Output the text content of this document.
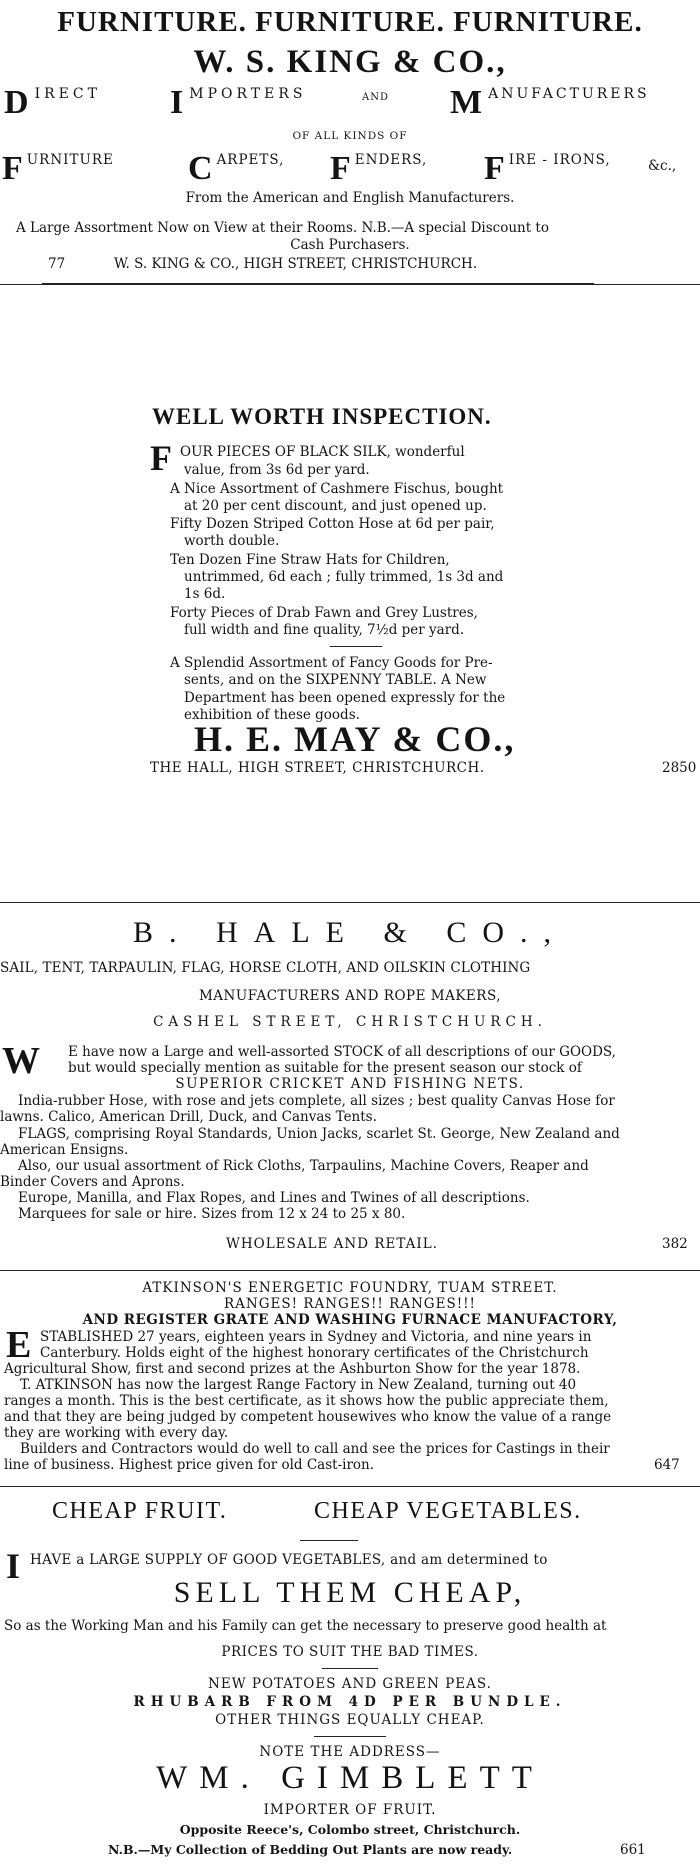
FURNITURE. FURNITURE. FURNITURE.
W. S. KING & CO.,
DIRECT IMPORTERS	AND MANUFACTURERS
OF ALL KINDS OF
F $^{URNITURE}$ C $^{ARPETS,}$ F $^{ENDERS,}$ F $^{IRE - IRONS,}$	&c.,
From the American and English Manufacturers.
A Large Assortment Now on View at their Rooms. N.B.—A special Discount to
Cash Purchasers.
77	W. S. KING & CO., HIGH STREET, CHRISTCHURCH.
WELL WORTH INSPECTION.
F OUR PIECES OF BLACK SILK, wonderful
value, from 3s 6d per yard.
A Nice Assortment of Cashmere Fischus, bought
at 20 per cent discount, and just opened up.
Fifty Dozen Striped Cotton Hose at 6d per pair,
worth double.
Ten Dozen Fine Straw Hats for Children,
untrimmed, 6d each ; fully trimmed, 1s 3d and
1s 6d.
Forty Pieces of Drab Fawn and Grey Lustres,
full width and fine quality, 7½d per yard.
A Splendid Assortment of Fancy Goods for Pre-
sents, and on the SIXPENNY TABLE. A New
Department has been opened expressly for the
exhibition of these goods.
H. E. MAY & CO.,
THE HALL, HIGH STREET, CHRISTCHURCH.	2850
B. HALE & CO.,
SAIL, TENT, TARPAULIN, FLAG, HORSE CLOTH, AND OILSKIN CLOTHING
MANUFACTURERS AND ROPE MAKERS,
CASHEL STREET, CHRISTCHURCH.
W E have now a Large and well-assorted STOCK of all descriptions of our GOODS,
but would specially mention as suitable for the present season our stock of
SUPERIOR CRICKET AND FISHING NETS.
India-rubber Hose, with rose and jets complete, all sizes ; best quality Canvas Hose for
lawns. Calico, American Drill, Duck, and Canvas Tents.
FLAGS, comprising Royal Standards, Union Jacks, scarlet St. George, New Zealand and
American Ensigns.
Also, our usual assortment of Rick Cloths, Tarpaulins, Machine Covers, Reaper and
Binder Covers and Aprons.
Europe, Manilla, and Flax Ropes, and Lines and Twines of all descriptions.
Marquees for sale or hire. Sizes from 12 x 24 to 25 x 80.
WHOLESALE AND RETAIL.	382
ATKINSON'S ENERGETIC FOUNDRY, TUAM STREET.
RANGES! RANGES!! RANGES!!!
AND REGISTER GRATE AND WASHING FURNACE MANUFACTORY,
E STABLISHED 27 years, eighteen years in Sydney and Victoria, and nine years in
Canterbury. Holds eight of the highest honorary certificates of the Christchurch
Agricultural Show, first and second prizes at the Ashburton Show for the year 1878.
T. ATKINSON has now the largest Range Factory in New Zealand, turning out 40
ranges a month. This is the best certificate, as it shows how the public appreciate them,
and that they are being judged by competent housewives who know the value of a range
they are working with every day.
Builders and Contractors would do well to call and see the prices for Castings in their
line of business. Highest price given for old Cast-iron.	647
CHEAP FRUIT.	CHEAP VEGETABLES.
I HAVE a LARGE SUPPLY OF GOOD VEGETABLES, and am determined to
SELL THEM CHEAP,
So as the Working Man and his Family can get the necessary to preserve good health at
PRICES TO SUIT THE BAD TIMES.
NEW POTATOES AND GREEN PEAS.
RHUBARB FROM 4D PER BUNDLE.
OTHER THINGS EQUALLY CHEAP.
NOTE THE ADDRESS—
WM. GIMBLETT
IMPORTER OF FRUIT.
Opposite Reece's, Colombo street, Christchurch.
N.B.—My Collection of Bedding Out Plants are now ready.	661
